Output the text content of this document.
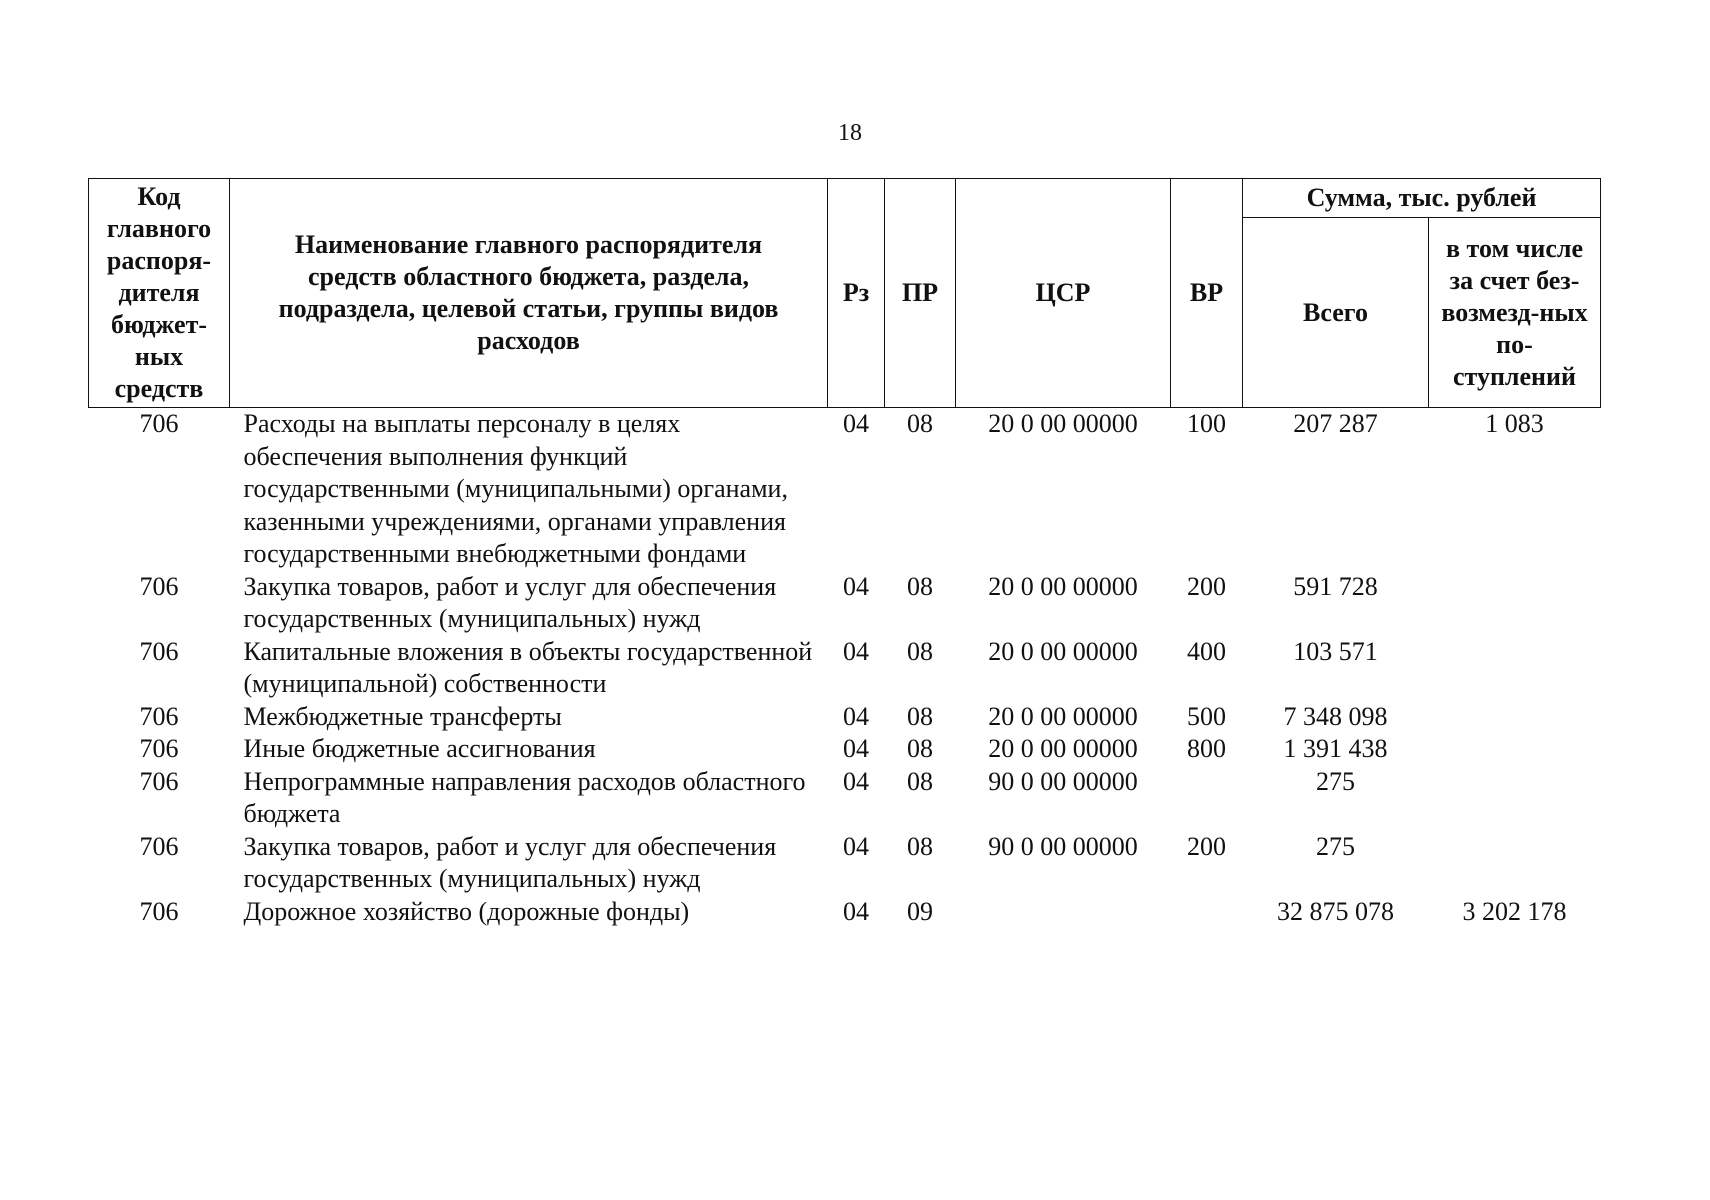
18
Код главного распоря-дителя бюджет-ных средств	Наименование главного распорядителя средств областного бюджета, раздела, подраздела, целевой статьи, группы видов расходов	Рз	ПР	ЦСР	ВР	Сумма, тыс. рублей	
						Всего	в том числе за счет без-возмезд-ных по-ступлений
706	Расходы на выплаты персоналу в целях обеспечения выполнения функций государственными (муниципальными) органами, казенными учреждениями, органами управления государственными внебюджетными фондами	04	08	20 0 00 00000	100	207 287	1 083
706	Закупка товаров, работ и услуг для обеспечения государственных (муниципальных) нужд	04	08	20 0 00 00000	200	591 728	
706	Капитальные вложения в объекты государственной (муниципальной) собственности	04	08	20 0 00 00000	400	103 571	
706	Межбюджетные трансферты	04	08	20 0 00 00000	500	7 348 098	
706	Иные бюджетные ассигнования	04	08	20 0 00 00000	800	1 391 438	
706	Непрограммные направления расходов областного бюджета	04	08	90 0 00 00000		275	
706	Закупка товаров, работ и услуг для обеспечения государственных (муниципальных) нужд	04	08	90 0 00 00000	200	275	
706	Дорожное хозяйство (дорожные фонды)	04	09			32 875 078	3 202 178
